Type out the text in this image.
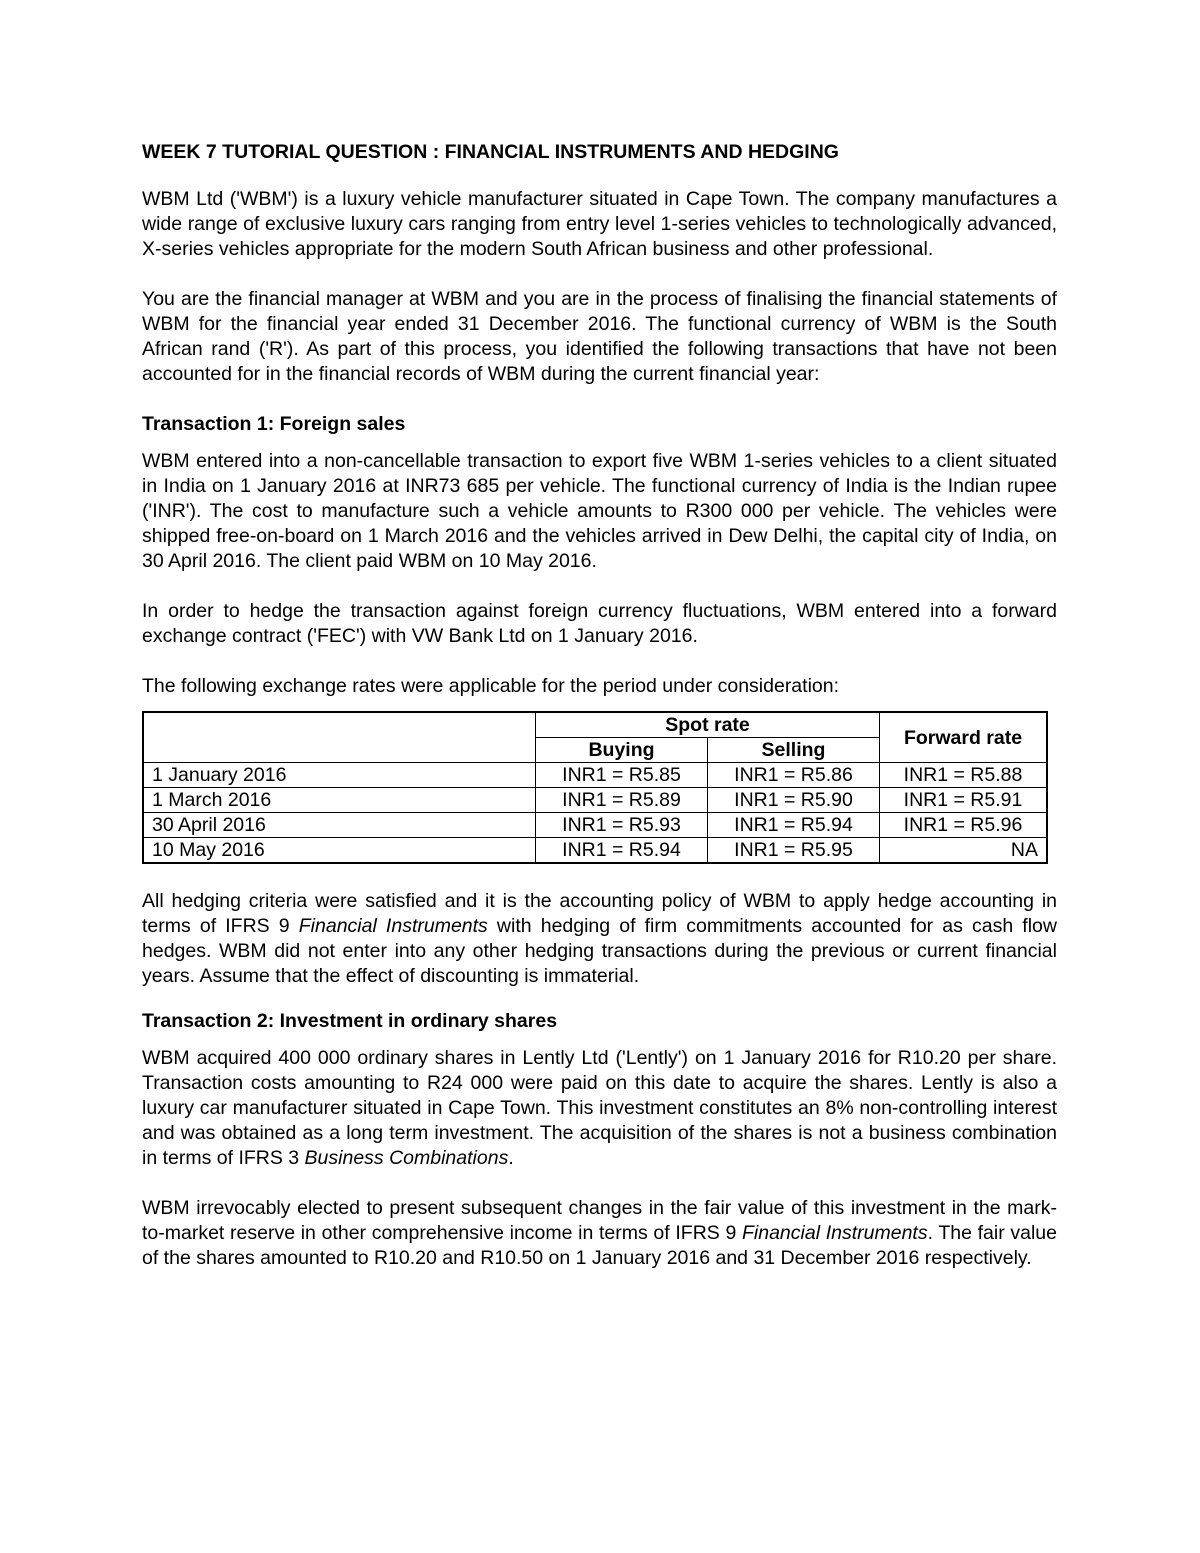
WEEK 7 TUTORIAL QUESTION : FINANCIAL INSTRUMENTS AND HEDGING

WBM Ltd ('WBM') is a luxury vehicle manufacturer situated in Cape Town. The company manufactures a wide range of exclusive luxury cars ranging from entry level 1-series vehicles to technologically advanced, X-series vehicles appropriate for the modern South African business and other professional.

You are the financial manager at WBM and you are in the process of finalising the financial statements of WBM for the financial year ended 31 December 2016. The functional currency of WBM is the South African rand ('R'). As part of this process, you identified the following transactions that have not been accounted for in the financial records of WBM during the current financial year:

Transaction 1: Foreign sales

WBM entered into a non-cancellable transaction to export five WBM 1-series vehicles to a client situated in India on 1 January 2016 at INR73 685 per vehicle. The functional currency of India is the Indian rupee ('INR'). The cost to manufacture such a vehicle amounts to R300 000 per vehicle. The vehicles were shipped free-on-board on 1 March 2016 and the vehicles arrived in Dew Delhi, the capital city of India, on 30 April 2016. The client paid WBM on 10 May 2016.

In order to hedge the transaction against foreign currency fluctuations, WBM entered into a forward exchange contract ('FEC') with VW Bank Ltd on 1 January 2016.

The following exchange rates were applicable for the period under consideration:

	Spot rate		Forward rate
	Buying	Selling	
1 January 2016	INR1 = R5.85	INR1 = R5.86	INR1 = R5.88
1 March 2016	INR1 = R5.89	INR1 = R5.90	INR1 = R5.91
30 April 2016	INR1 = R5.93	INR1 = R5.94	INR1 = R5.96
10 May 2016	INR1 = R5.94	INR1 = R5.95	NA

All hedging criteria were satisfied and it is the accounting policy of WBM to apply hedge accounting in terms of IFRS 9 Financial Instruments with hedging of firm commitments accounted for as cash flow hedges. WBM did not enter into any other hedging transactions during the previous or current financial years. Assume that the effect of discounting is immaterial.

Transaction 2: Investment in ordinary shares

WBM acquired 400 000 ordinary shares in Lently Ltd ('Lently') on 1 January 2016 for R10.20 per share. Transaction costs amounting to R24 000 were paid on this date to acquire the shares. Lently is also a luxury car manufacturer situated in Cape Town. This investment constitutes an 8% non-controlling interest and was obtained as a long term investment. The acquisition of the shares is not a business combination in terms of IFRS 3 Business Combinations.

WBM irrevocably elected to present subsequent changes in the fair value of this investment in the mark-to-market reserve in other comprehensive income in terms of IFRS 9 Financial Instruments. The fair value of the shares amounted to R10.20 and R10.50 on 1 January 2016 and 31 December 2016 respectively.
